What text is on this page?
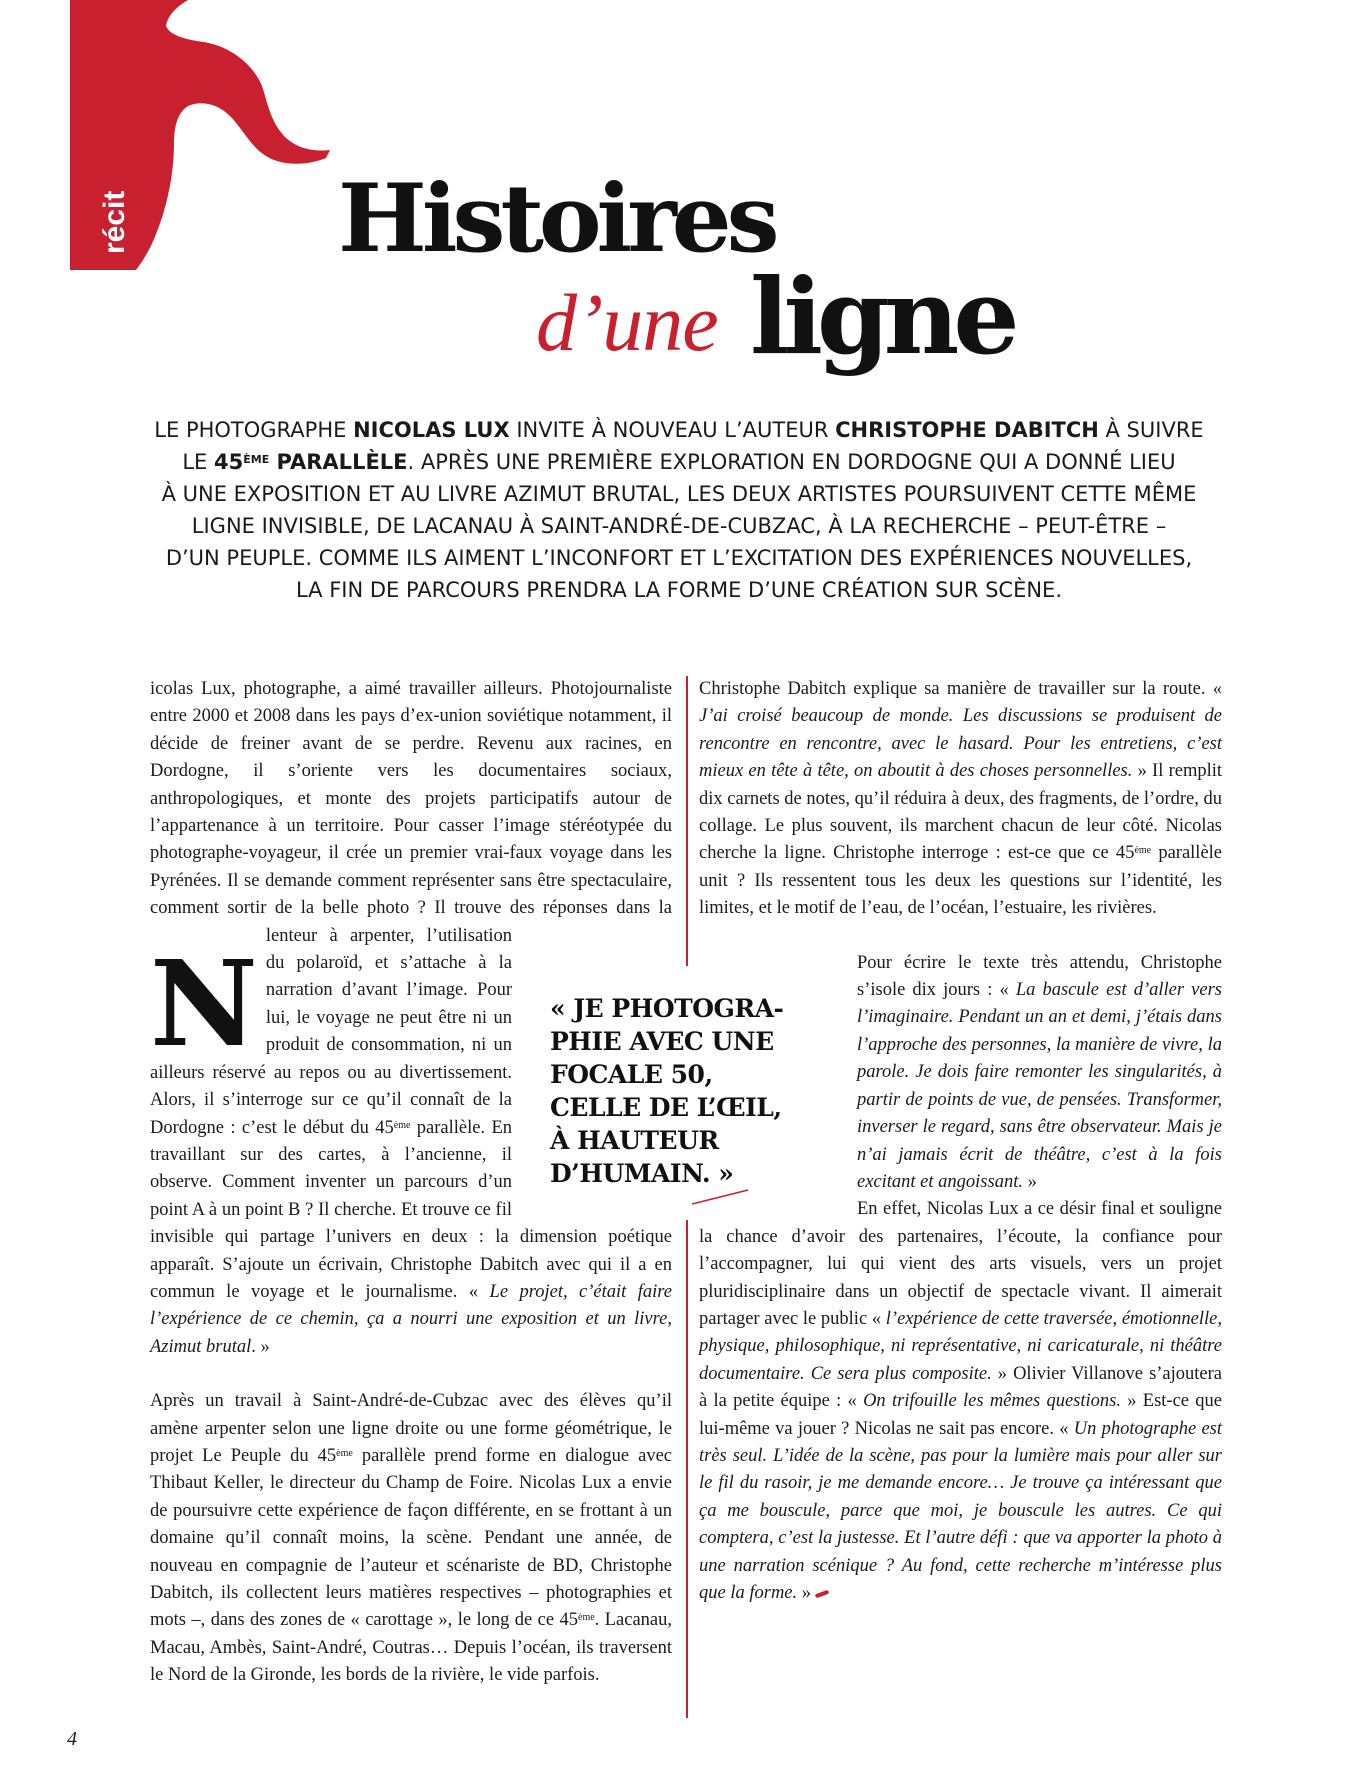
récit Histoires
d’une ligne
LE PHOTOGRAPHE NICOLAS LUX INVITE À NOUVEAU L’AUTEUR CHRISTOPHE DABITCH À SUIVRE
LE 45ÈME PARALLÈLE. APRÈS UNE PREMIÈRE EXPLORATION EN DORDOGNE QUI A DONNÉ LIEU
À UNE EXPOSITION ET AU LIVRE AZIMUT BRUTAL, LES DEUX ARTISTES POURSUIVENT CETTE MÊME
LIGNE INVISIBLE, DE LACANAU À SAINT-ANDRÉ-DE-CUBZAC, À LA RECHERCHE – PEUT-ÊTRE –
D’UN PEUPLE. COMME ILS AIMENT L’INCONFORT ET L’EXCITATION DES EXPÉRIENCES NOUVELLES,
LA FIN DE PARCOURS PRENDRA LA FORME D’UNE CRÉATION SUR SCÈNE.

N
icolas Lux, photographe, a aimé travailler ailleurs. Photojournaliste entre 2000 et 2008 dans les pays d’ex-union soviétique notamment, il décide de freiner avant de se perdre. Revenu aux racines, en Dordogne, il s’oriente vers les documentaires sociaux, anthropologiques, et monte des projets participatifs autour de l’appartenance à un territoire. Pour casser l’image stéréotypée du photographe-voyageur, il crée un premier vrai-faux voyage dans les Pyrénées. Il se demande comment représenter sans être spectaculaire, comment sortir de la belle photo ? Il trouve des réponses dans la lenteur à arpenter, l’utilisation du polaroïd, et s’attache à la narration d’avant l’image. Pour lui, le voyage ne peut être ni un produit de consommation, ni un ailleurs réservé au repos ou au divertissement. Alors, il s’interroge sur ce qu’il connaît de la Dordogne : c’est le début du 45ème parallèle. En travaillant sur des cartes, à l’ancienne, il observe. Comment inventer un parcours d’un point A à un point B ? Il cherche. Et trouve ce fil invisible qui partage l’univers en deux : la dimension poétique apparaît. S’ajoute un écrivain, Christophe Dabitch avec qui il a en commun le voyage et le journalisme. « Le projet, c’était faire l’expérience de ce chemin, ça a nourri une exposition et un livre, Azimut brutal. »

Après un travail à Saint-André-de-Cubzac avec des élèves qu’il amène arpenter selon une ligne droite ou une forme géométrique, le projet Le Peuple du 45ème parallèle prend forme en dialogue avec Thibaut Keller, le directeur du Champ de Foire. Nicolas Lux a envie de poursuivre cette expérience de façon différente, en se frottant à un domaine qu’il connaît moins, la scène. Pendant une année, de nouveau en compagnie de l’auteur et scénariste de BD, Christophe Dabitch, ils collectent leurs matières respectives – photographies et mots –, dans des zones de « carottage », le long de ce 45ème. Lacanau, Macau, Ambès, Saint-André, Coutras… Depuis l’océan, ils traversent le Nord de la Gironde, les bords de la rivière, le vide parfois.

Christophe Dabitch explique sa manière de travailler sur la route. « J’ai croisé beaucoup de monde. Les discussions se produisent de rencontre en rencontre, avec le hasard. Pour les entretiens, c’est mieux en tête à tête, on aboutit à des choses personnelles. » Il remplit dix carnets de notes, qu’il réduira à deux, des fragments, de l’ordre, du collage. Le plus souvent, ils marchent chacun de leur côté. Nicolas cherche la ligne. Christophe interroge : est-ce que ce 45ème parallèle unit ? Ils ressentent tous les deux les questions sur l’identité, les limites, et le motif de l’eau, de l’océan, l’estuaire, les rivières.

Pour écrire le texte très attendu, Christophe s’isole dix jours : « La bascule est d’aller vers l’imaginaire. Pendant un an et demi, j’étais dans l’approche des personnes, la manière de vivre, la parole. Je dois faire remonter les singularités, à partir de points de vue, de pensées. Transformer, inverser le regard, sans être observateur. Mais je n’ai jamais écrit de théâtre, c’est à la fois excitant et angoissant. »

En effet, Nicolas Lux a ce désir final et souligne la chance d’avoir des partenaires, l’écoute, la confiance pour l’accompagner, lui qui vient des arts visuels, vers un projet pluridisciplinaire dans un objectif de spectacle vivant. Il aimerait partager avec le public « l’expérience de cette traversée, émotionnelle, physique, philosophique, ni représentative, ni caricaturale, ni théâtre documentaire. Ce sera plus composite. » Olivier Villanove s’ajoutera à la petite équipe : « On trifouille les mêmes questions. » Est-ce que lui-même va jouer ? Nicolas ne sait pas encore. « Un photographe est très seul. L’idée de la scène, pas pour la lumière mais pour aller sur le fil du rasoir, je me demande encore… Je trouve ça intéressant que ça me bouscule, parce que moi, je bouscule les autres. Ce qui comptera, c’est la justesse. Et l’autre défi : que va apporter la photo à une narration scénique ? Au fond, cette recherche m’intéresse plus que la forme. »

« JE PHOTOGRA-
PHIE AVEC UNE
FOCALE 50,
CELLE DE L’ŒIL,
À HAUTEUR
D’HUMAIN. »
4
